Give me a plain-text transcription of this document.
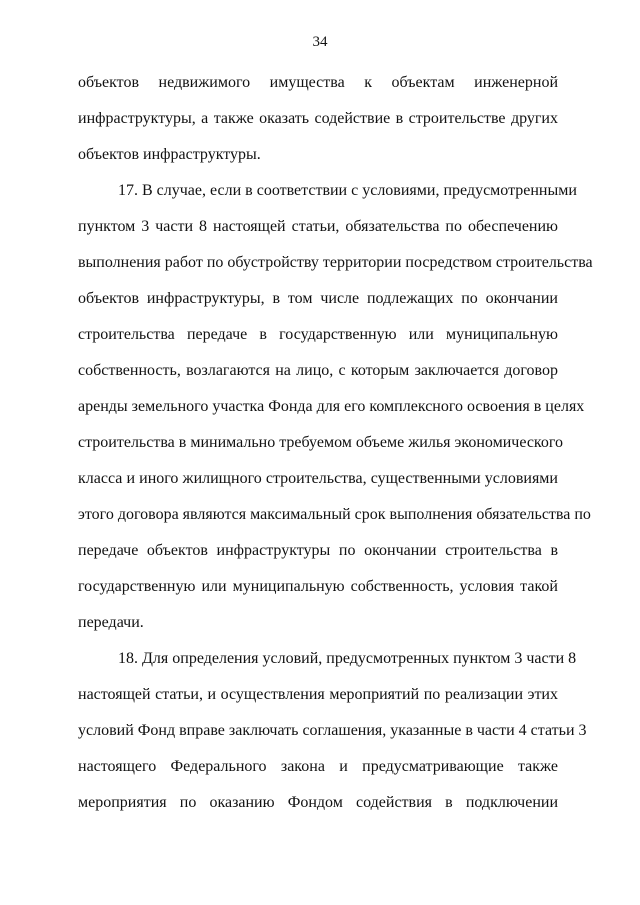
34
объектов недвижимого имущества к объектам инженерной
инфраструктуры, а также оказать содействие в строительстве других
объектов инфраструктуры.
17. В случае, если в соответствии с условиями, предусмотренными
пунктом 3 части 8 настоящей статьи, обязательства по обеспечению
выполнения работ по обустройству территории посредством строительства
объектов инфраструктуры, в том числе подлежащих по окончании
строительства передаче в государственную или муниципальную
собственность, возлагаются на лицо, с которым заключается договор
аренды земельного участка Фонда для его комплексного освоения в целях
строительства в минимально требуемом объеме жилья экономического
класса и иного жилищного строительства, существенными условиями
этого договора являются максимальный срок выполнения обязательства по
передаче объектов инфраструктуры по окончании строительства в
государственную или муниципальную собственность, условия такой
передачи.
18. Для определения условий, предусмотренных пунктом 3 части 8
настоящей статьи, и осуществления мероприятий по реализации этих
условий Фонд вправе заключать соглашения, указанные в части 4 статьи 3
настоящего Федерального закона и предусматривающие также
мероприятия по оказанию Фондом содействия в подключении
